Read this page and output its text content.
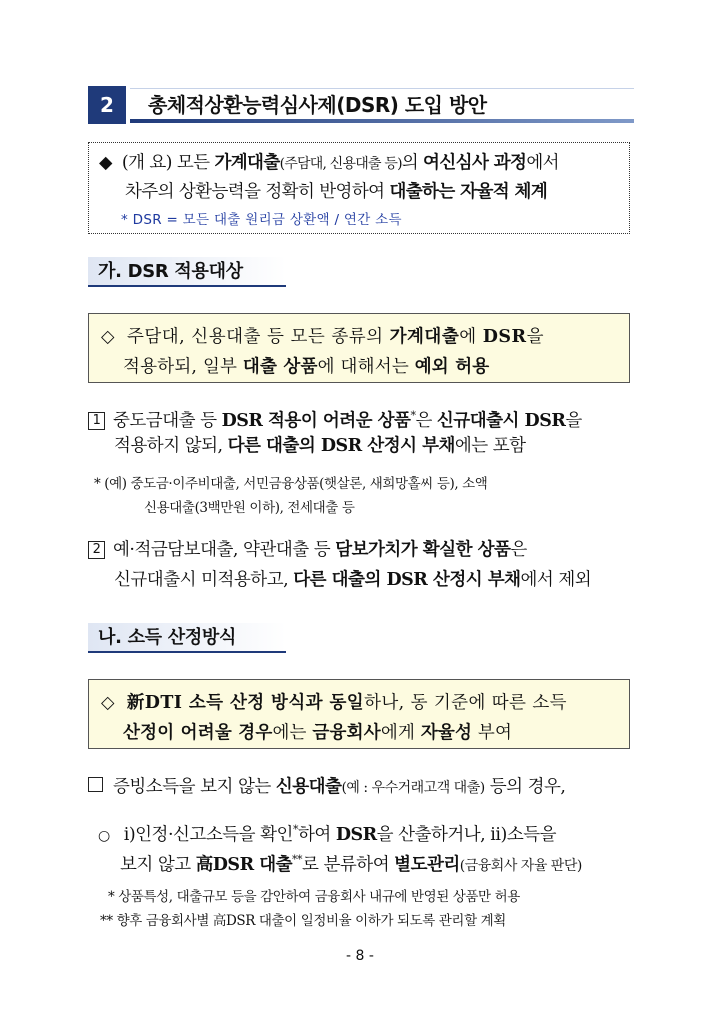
2	총체적상환능력심사제(DSR) 도입 방안
◆ (개 요) 모든 가계대출(주담대, 신용대출 등)의 여신심사 과정에서
차주의 상환능력을 정확히 반영하여 대출하는 자율적 체계
* DSR = 모든 대출 원리금 상환액 / 연간 소득
가. DSR 적용대상
◇ 주담대, 신용대출 등 모든 종류의 가계대출에 DSR을
적용하되, 일부 대출 상품에 대해서는 예외 허용
1 중도금대출 등 DSR 적용이 어려운 상품*은 신규대출시 DSR을
적용하지 않되, 다른 대출의 DSR 산정시 부채에는 포함
* (예) 중도금·이주비대출, 서민금융상품(햇살론, 새희망홀씨 등), 소액
신용대출(3백만원 이하), 전세대출 등
2 예·적금담보대출, 약관대출 등 담보가치가 확실한 상품은
신규대출시 미적용하고, 다른 대출의 DSR 산정시 부채에서 제외
나. 소득 산정방식
◇ 新DTI 소득 산정 방식과 동일하나, 동 기준에 따른 소득
산정이 어려울 경우에는 금융회사에게 자율성 부여
증빙소득을 보지 않는 신용대출(예 : 우수거래고객 대출) 등의 경우,
○ i)인정·신고소득을 확인*하여 DSR을 산출하거나, ii)소득을
보지 않고 高DSR 대출**로 분류하여 별도관리(금융회사 자율 판단)
* 상품특성, 대출규모 등을 감안하여 금융회사 내규에 반영된 상품만 허용
** 향후 금융회사별 高DSR 대출이 일정비율 이하가 되도록 관리할 계획
- 8 -
